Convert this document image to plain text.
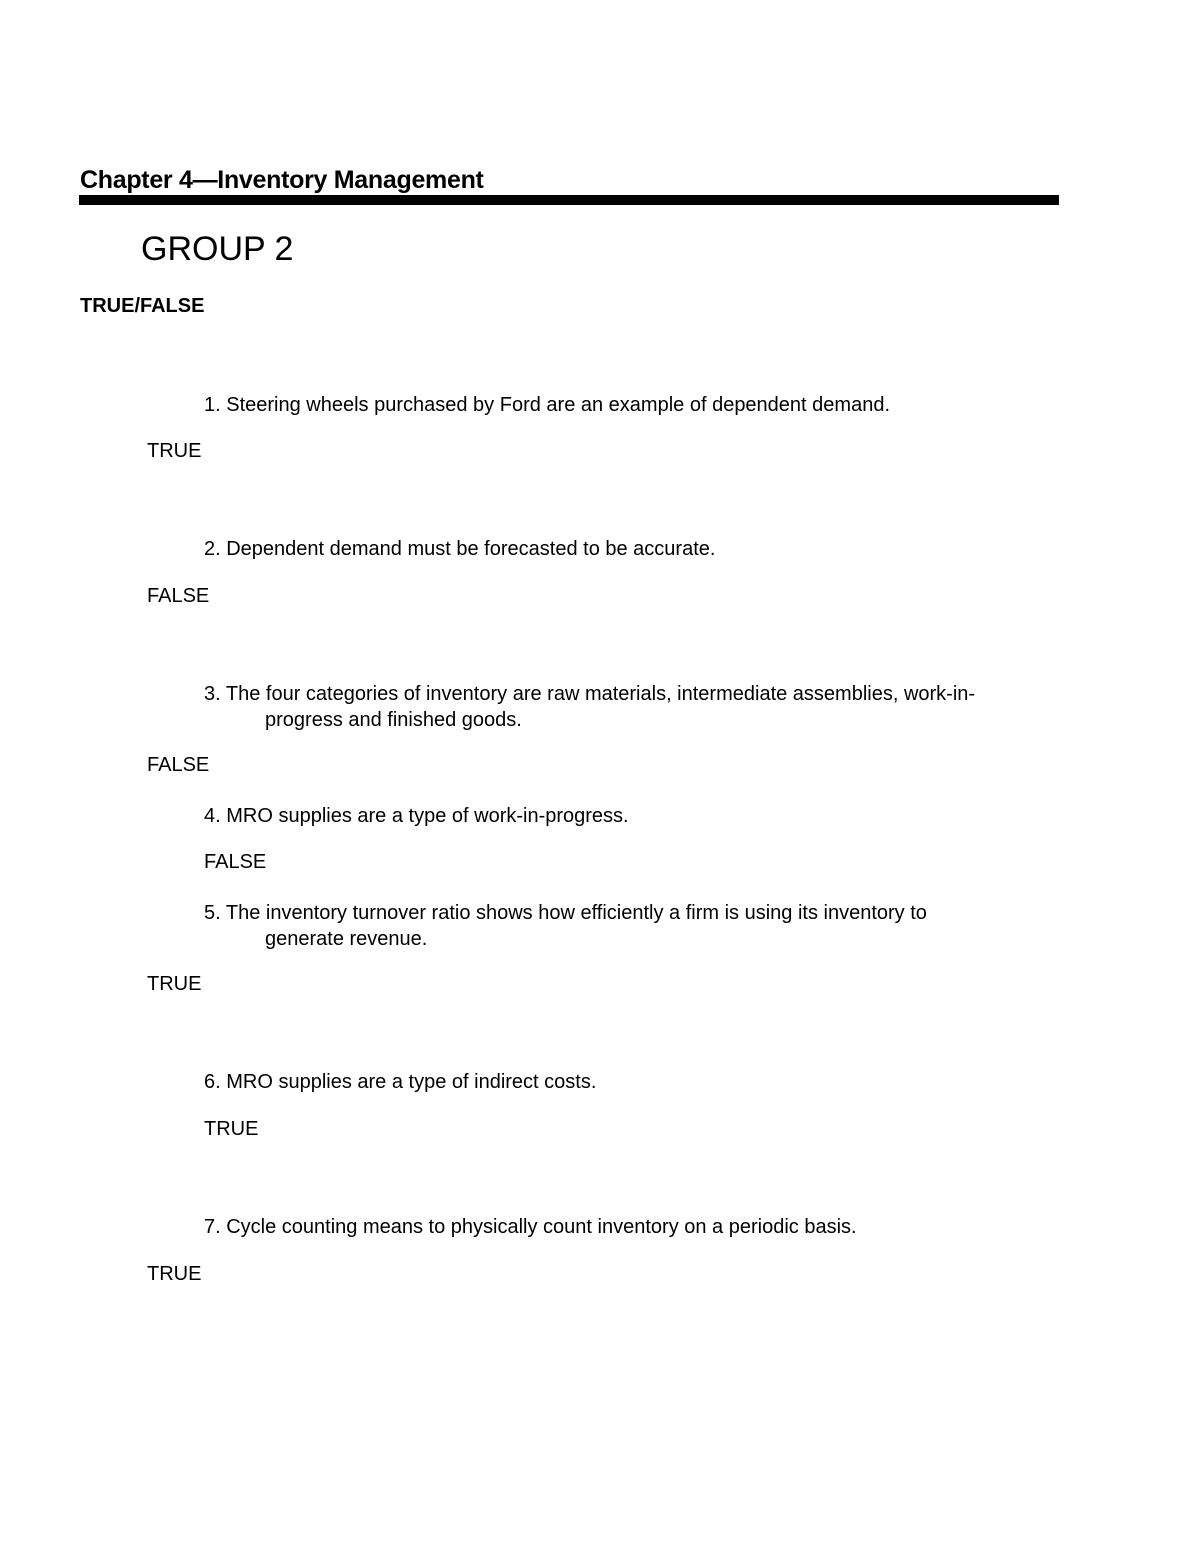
Chapter 4—Inventory Management
GROUP 2
TRUE/FALSE
1. Steering wheels purchased by Ford are an example of dependent demand.
TRUE
2. Dependent demand must be forecasted to be accurate.
FALSE
3. The four categories of inventory are raw materials, intermediate assemblies, work-in-
progress and finished goods.
FALSE
4. MRO supplies are a type of work-in-progress.
FALSE
5. The inventory turnover ratio shows how efficiently a firm is using its inventory to
generate revenue.
TRUE
6. MRO supplies are a type of indirect costs.
TRUE
7. Cycle counting means to physically count inventory on a periodic basis.
TRUE
